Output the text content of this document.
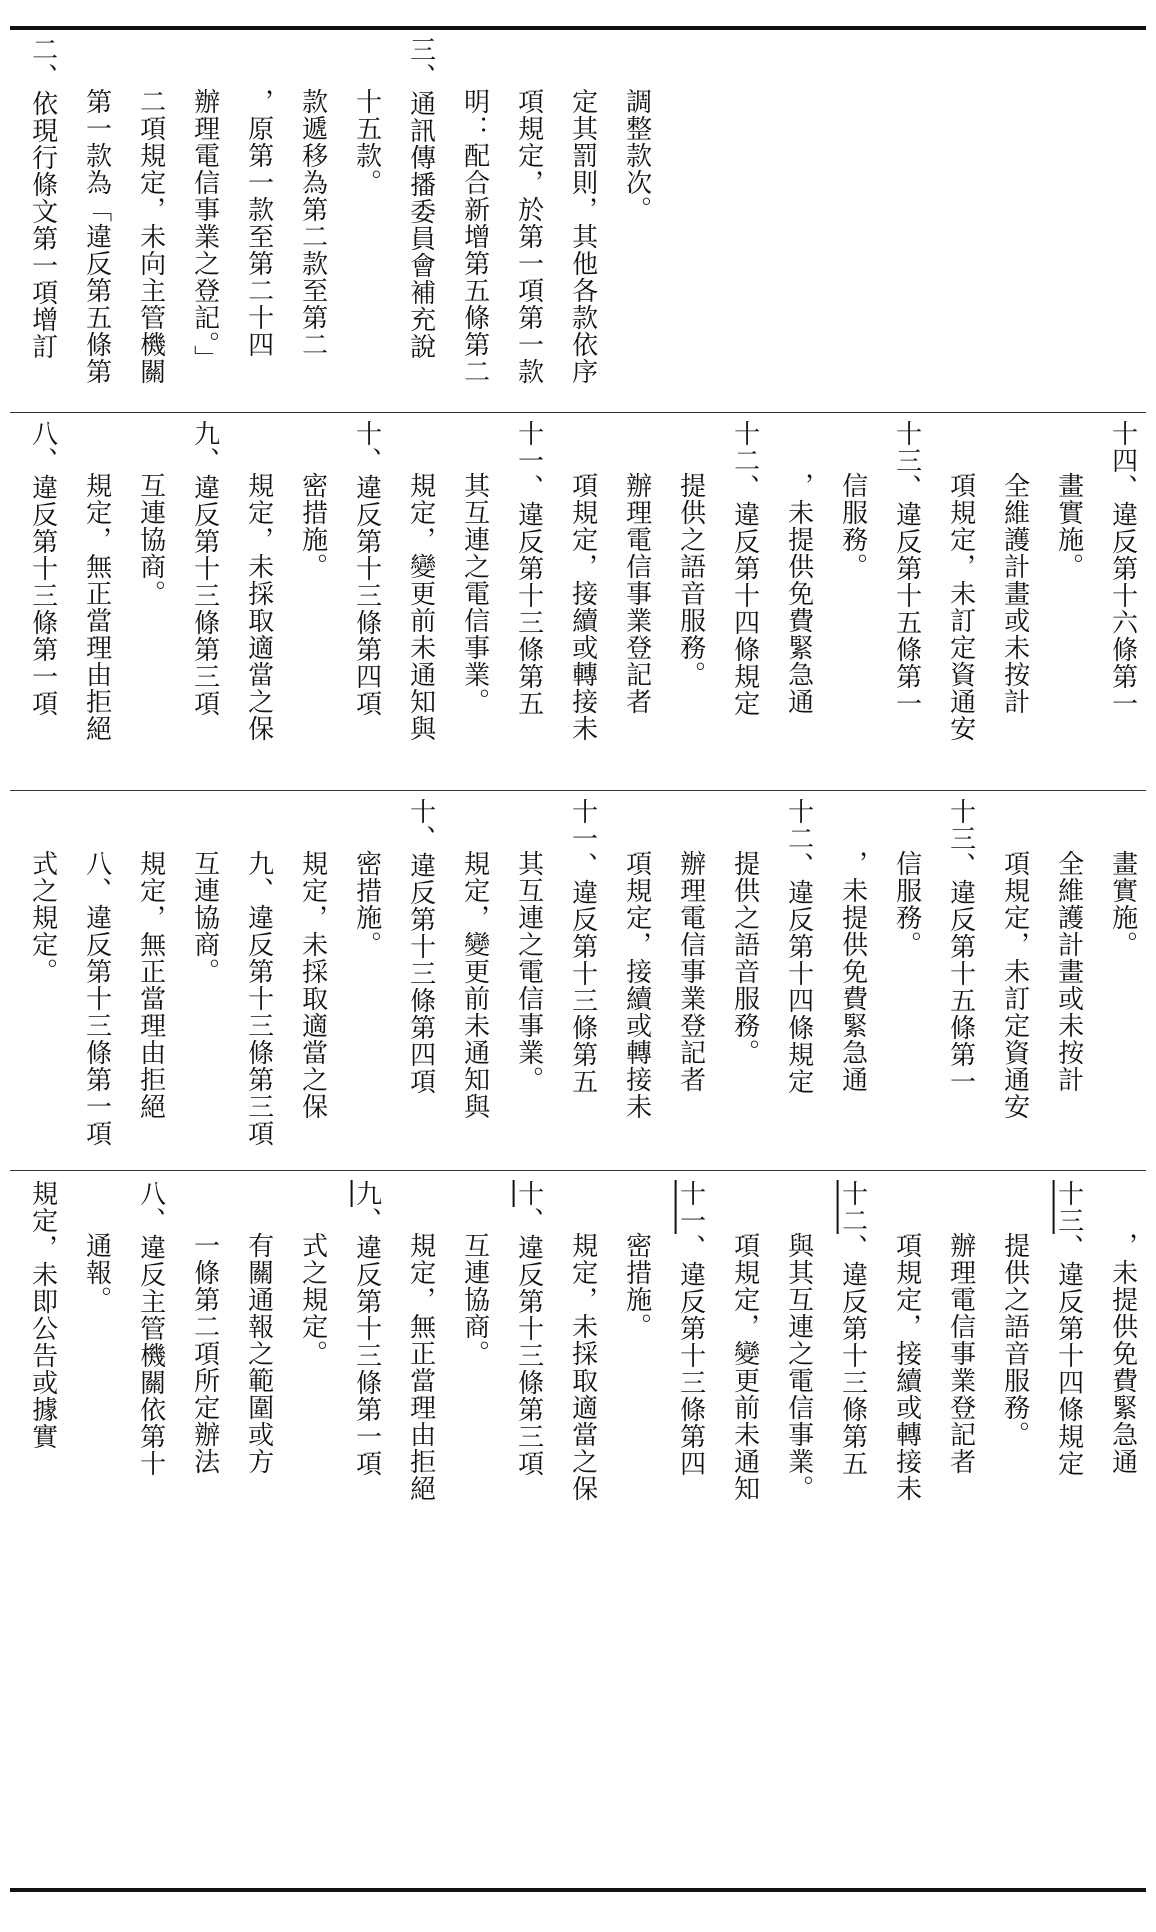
二、依現行條文第一項增訂 第一款為「違反第五條第 二項規定，未向主管機關 辦理電信事業之登記。」 ，原第一款至第二十四 款遞移為第二款至第二 十五款。 三、通訊傳播委員會補充說 明：配合新增第五條第二 項規定，於第一項第一款 定其罰則，其他各款依序 調整款次。
八、違反第十三條第一項 規定，無正當理由拒絕 互連協商。 九、違反第十三條第三項 規定，未採取適當之保 密措施。 十、違反第十三條第四項 規定，變更前未通知與 其互連之電信事業。 十一、違反第十三條第五 項規定，接續或轉接未 辦理電信事業登記者 提供之語音服務。 十二、違反第十四條規定 ，未提供免費緊急通 信服務。 十三、違反第十五條第一 項規定，未訂定資通安 全維護計畫或未按計 畫實施。 十四、違反第十六條第一
式之規定。 八、違反第十三條第一項 規定，無正當理由拒絕 互連協商。 九、違反第十三條第三項 規定，未採取適當之保 密措施。 十、違反第十三條第四項 規定，變更前未通知與 其互連之電信事業。 十一、違反第十三條第五 項規定，接續或轉接未 辦理電信事業登記者 提供之語音服務。 十二、違反第十四條規定 ，未提供免費緊急通 信服務。 十三、違反第十五條第一 項規定，未訂定資通安 全維護計畫或未按計 畫實施。
規定，未即公告或據實 通報。 八、違反主管機關依第十 一條第二項所定辦法 有關通報之範圍或方 式之規定。
九、違反第十三條第一項 規定，無正當理由拒絕 互連協商。
十、違反第十三條第三項 規定，未採取適當之保 密措施。
十一、違反第十三條第四 項規定，變更前未通知 與其互連之電信事業。
十二、違反第十三條第五 項規定，接續或轉接未 辦理電信事業登記者 提供之語音服務。
十三、違反第十四條規定 ，未提供免費緊急通
